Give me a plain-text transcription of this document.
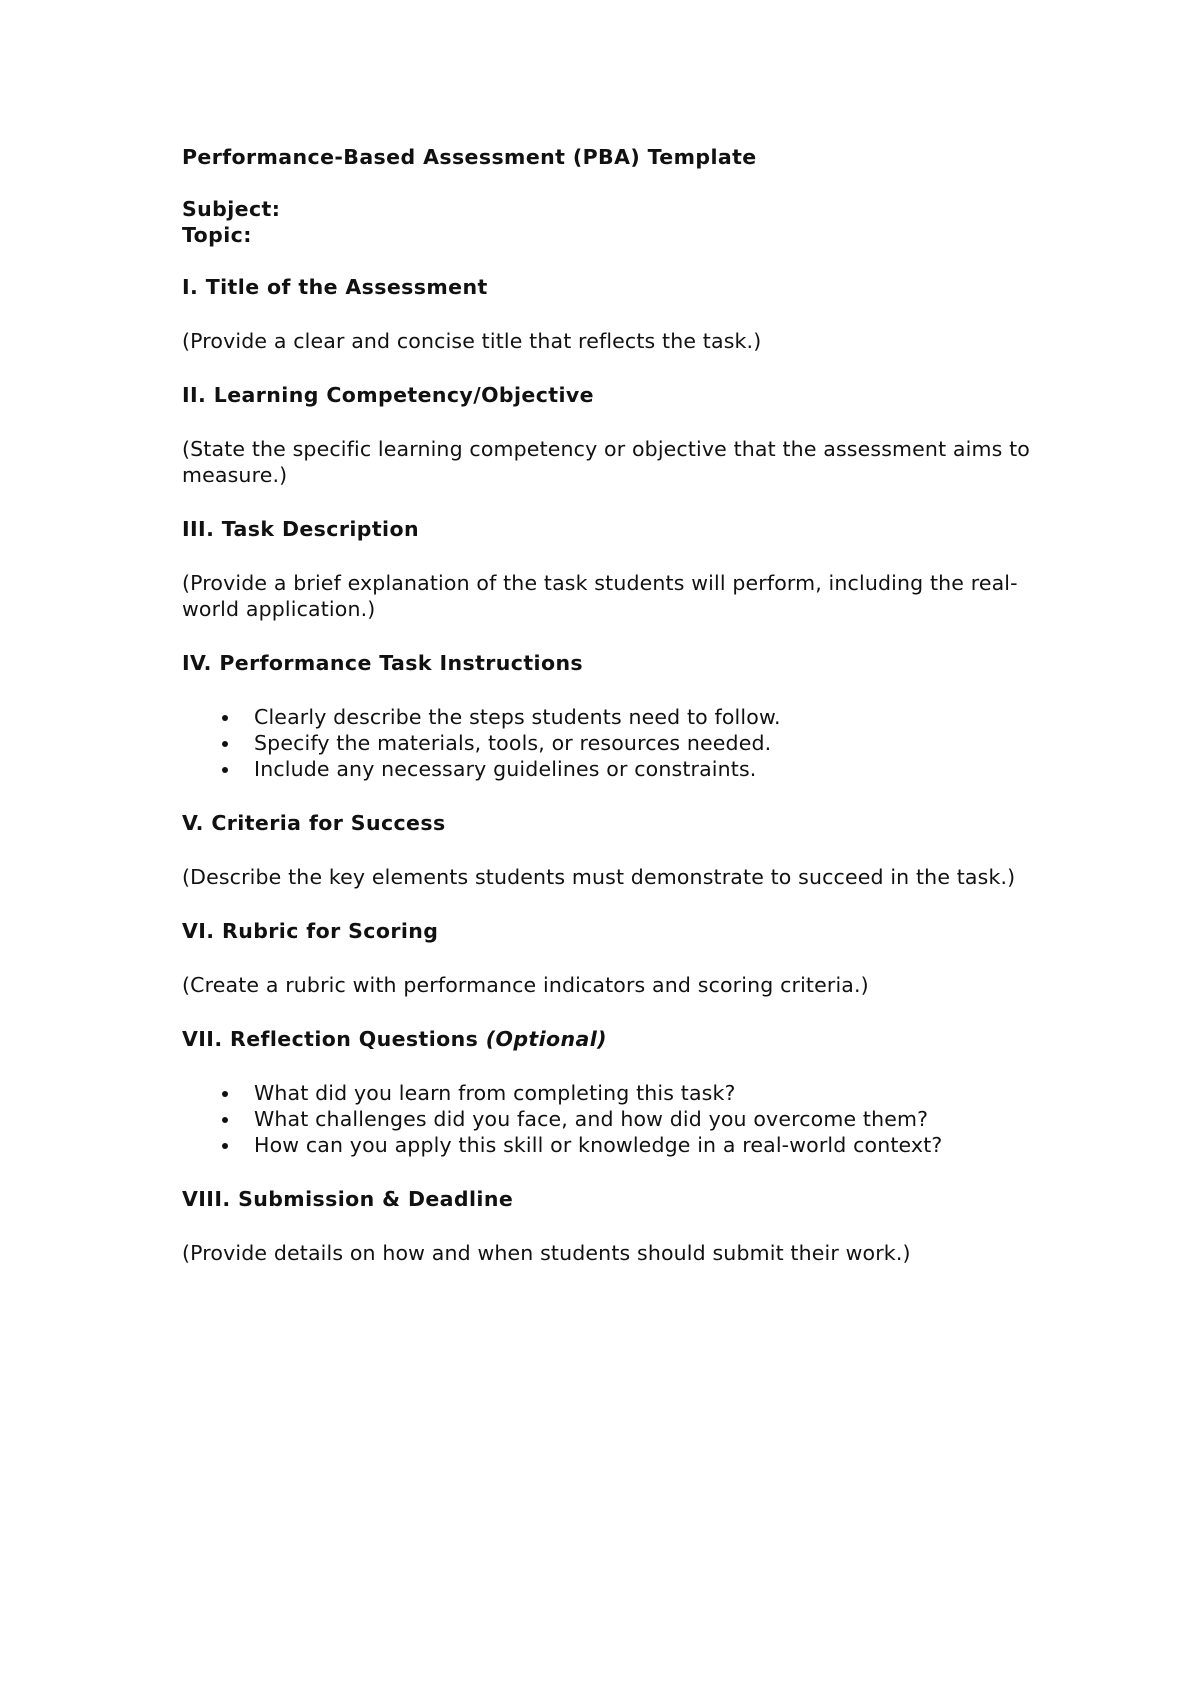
Performance-Based Assessment (PBA) Template

Subject:

Topic:

I. Title of the Assessment

(Provide a clear and concise title that reflects the task.)

II. Learning Competency/Objective

(State the specific learning competency or objective that the assessment aims to measure.)

III. Task Description

(Provide a brief explanation of the task students will perform, including the real-world application.)

IV. Performance Task Instructions

Clearly describe the steps students need to follow.
Specify the materials, tools, or resources needed.
Include any necessary guidelines or constraints.

V. Criteria for Success

(Describe the key elements students must demonstrate to succeed in the task.)

VI. Rubric for Scoring

(Create a rubric with performance indicators and scoring criteria.)

VII. Reflection Questions (Optional)

What did you learn from completing this task?
What challenges did you face, and how did you overcome them?
How can you apply this skill or knowledge in a real-world context?

VIII. Submission & Deadline

(Provide details on how and when students should submit their work.)
